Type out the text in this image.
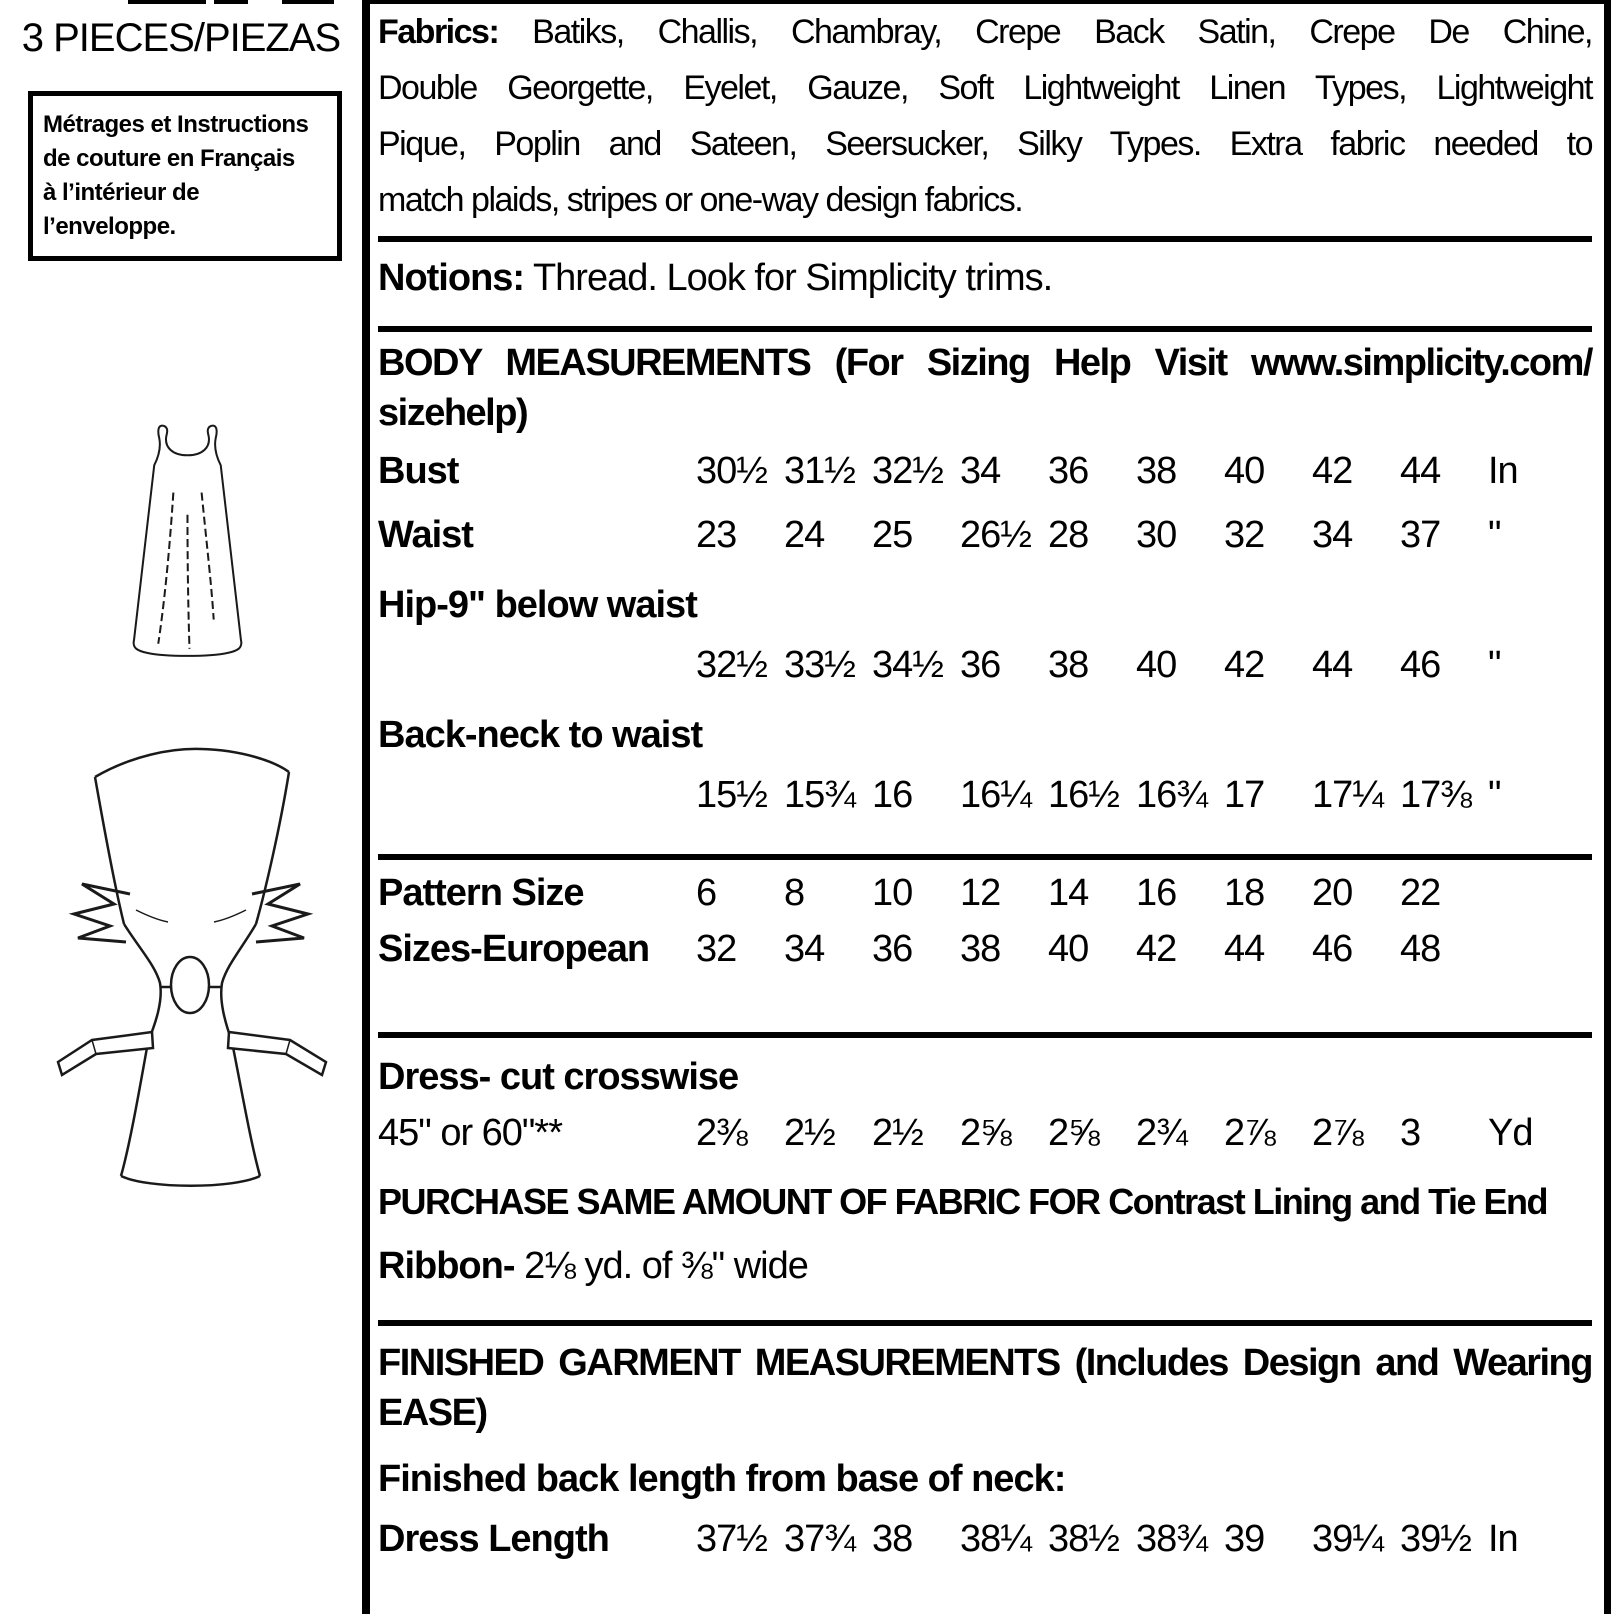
3 PIECES/PIEZAS
Métrages et Instructions
de couture en Français
à l’intérieur de
l’enveloppe.
Fabrics: Batiks, Challis, Chambray, Crepe Back Satin, Crepe De Chine,
Double Georgette, Eyelet, Gauze, Soft Lightweight Linen Types, Lightweight
Pique, Poplin and Sateen, Seersucker, Silky Types. Extra fabric needed to
match plaids, stripes or one-way design fabrics.
Notions: Thread. Look for Simplicity trims.
BODY MEASUREMENTS (For Sizing Help Visit www.simplicity.com/
sizehelp)
Bust	30½ 31½ 32½ 34	36	38	40	42	44	In
Waist	23	24	25	26½ 28	30	32	34	37	"
Hip-9" below waist
32½ 33½ 34½ 36	38	40	42	44	46	"
Back-neck to waist
15½ 15¾ 16	16¼ 16½ 16¾ 17	17¼ 17⅜ "
Pattern Size	6	8	10	12	14	16	18	20	22
Sizes-European	32	34	36	38	40	42	44	46	48
Dress- cut crosswise
45" or 60"**	2⅜ 2½ 2½ 2⅝ 2⅝ 2¾ 2⅞ 2⅞ 3	Yd
PURCHASE SAME AMOUNT OF FABRIC FOR Contrast Lining and Tie End
Ribbon- 2⅛ yd. of ⅜" wide
FINISHED GARMENT MEASUREMENTS (Includes Design and Wearing
EASE)
Finished back length from base of neck:
Dress Length	37½ 37¾ 38	38¼ 38½ 38¾ 39	39¼ 39½ In
